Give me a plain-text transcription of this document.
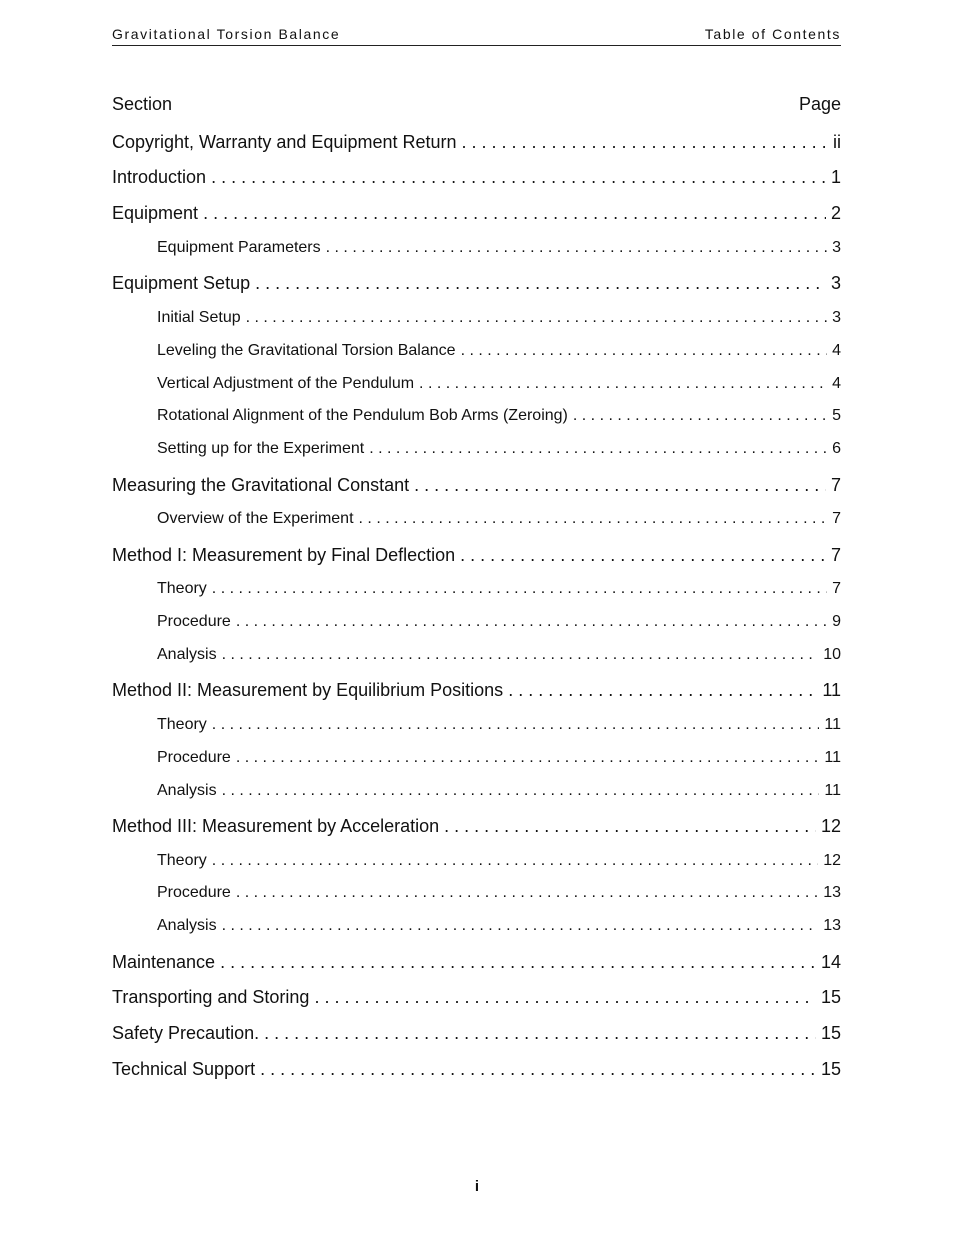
Gravitational Torsion Balance	Table of Contents
Section	Page
Copyright, Warranty and Equipment Return . . .	ii
Introduction . . .	1
Equipment . . .	2
Equipment Parameters . . .	3
Equipment Setup . . .	3
Initial Setup . . .	3
Leveling the Gravitational Torsion Balance . . .	4
Vertical Adjustment of the Pendulum . . .	4
Rotational Alignment of the Pendulum Bob Arms (Zeroing) . . .	5
Setting up for the Experiment . . .	6
Measuring the Gravitational Constant . . .	7
Overview of the Experiment . . .	7
Method I: Measurement by Final Deflection . . .	7
Theory . . .	7
Procedure . . .	9
Analysis . . .	10
Method II: Measurement by Equilibrium Positions . . .	11
Theory . . .	11
Procedure . . .	11
Analysis . . .	11
Method III: Measurement by Acceleration . . .	12
Theory . . .	12
Procedure . . .	13
Analysis . . .	13
Maintenance . . .	14
Transporting and Storing . . .	15
Safety Precaution. . . .	15
Technical Support . . .	15
i
